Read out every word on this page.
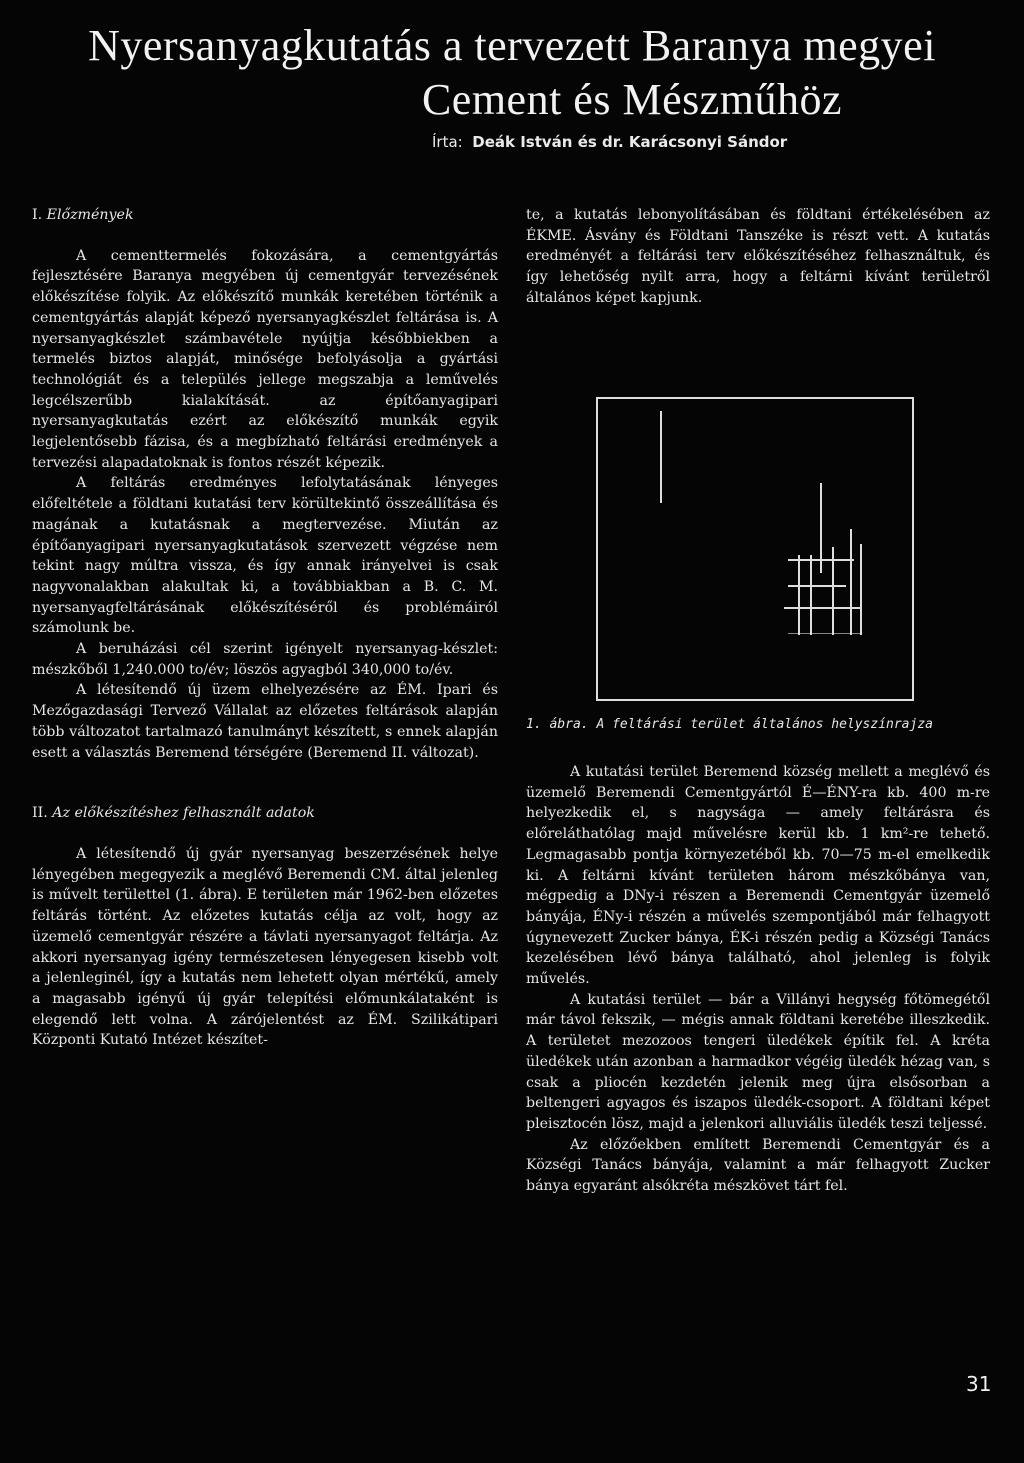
Nyersanyagkutatás a tervezett Baranya megyei
Cement és Mészműhöz
Írta: Deák István és dr. Karácsonyi Sándor

I. Előzmények

A cementtermelés fokozására, a cementgyártás fejlesztésére Baranya megyében új cementgyár tervezésének előkészítése folyik. Az előkészítő munkák keretében történik a cementgyártás alapját képező nyersanyagkészlet feltárása is. A nyersanyagkészlet számbavétele nyújtja későbbiekben a termelés biztos alapját, minősége befolyásolja a gyártási technológiát és a település jellege megszabja a leművelés legcélszerűbb kialakítását. az építőanyagipari nyersanyagkutatás ezért az előkészítő munkák egyik legjelentősebb fázisa, és a megbízható feltárási eredmények a tervezési alapadatoknak is fontos részét képezik.

A feltárás eredményes lefolytatásának lényeges előfeltétele a földtani kutatási terv körültekintő összeállítása és magának a kutatásnak a megtervezése. Miután az építőanyagipari nyersanyagkutatások szervezett végzése nem tekint nagy múltra vissza, és így annak irányelvei is csak nagyvonalakban alakultak ki, a továbbiakban a B. C. M. nyersanyagfeltárásának előkészítéséről és problémáiról számolunk be.

A beruházási cél szerint igényelt nyersanyag-készlet: mészkőből 1,240.000 to/év; löszös agyagból 340,000 to/év.

A létesítendő új üzem elhelyezésére az ÉM. Ipari és Mezőgazdasági Tervező Vállalat az előzetes feltárások alapján több változatot tartalmazó tanulmányt készített, s ennek alapján esett a választás Beremend térségére (Beremend II. változat).

II. Az előkészítéshez felhasznált adatok

A létesítendő új gyár nyersanyag beszerzésének helye lényegében megegyezik a meglévő Beremendi CM. által jelenleg is művelt területtel (1. ábra). E területen már 1962-ben előzetes feltárás történt. Az előzetes kutatás célja az volt, hogy az üzemelő cementgyár részére a távlati nyersanyagot feltárja. Az akkori nyersanyag igény természetesen lényegesen kisebb volt a jelenleginél, így a kutatás nem lehetett olyan mértékű, amely a magasabb igényű új gyár telepítési előmunkálataként is elegendő lett volna. A zárójelentést az ÉM. Szilikátipari Központi Kutató Intézet készítet-

te, a kutatás lebonyolításában és földtani értékelésében az ÉKME. Ásvány és Földtani Tanszéke is részt vett. A kutatás eredményét a feltárási terv előkészítéséhez felhasználtuk, és így lehetőség nyilt arra, hogy a feltárni kívánt területről általános képet kapjunk.

1. ábra. A feltárási terület általános helyszínrajza

A kutatási terület Beremend község mellett a meglévő és üzemelő Beremendi Cementgyártól É—ÉNY-ra kb. 400 m-re helyezkedik el, s nagysága — amely feltárásra és előreláthatólag majd művelésre kerül kb. 1 km²-re tehető. Legmagasabb pontja környezetéből kb. 70—75 m-el emelkedik ki. A feltárni kívánt területen három mészkőbánya van, mégpedig a DNy-i részen a Beremendi Cementgyár üzemelő bányája, ÉNy-i részén a művelés szempontjából már felhagyott úgynevezett Zucker bánya, ÉK-i részén pedig a Községi Tanács kezelésében lévő bánya található, ahol jelenleg is folyik művelés.

A kutatási terület — bár a Villányi hegység főtömegétől már távol fekszik, — mégis annak földtani keretébe illeszkedik. A területet mezozoos tengeri üledékek építik fel. A kréta üledékek után azonban a harmadkor végéig üledék hézag van, s csak a pliocén kezdetén jelenik meg újra elsősorban a beltengeri agyagos és iszapos üledék-csoport. A földtani képet pleisztocén lösz, majd a jelenkori alluviális üledék teszi teljessé.

Az előzőekben említett Beremendi Cementgyár és a Községi Tanács bányája, valamint a már felhagyott Zucker bánya egyaránt alsókréta mészkövet tárt fel.

31
